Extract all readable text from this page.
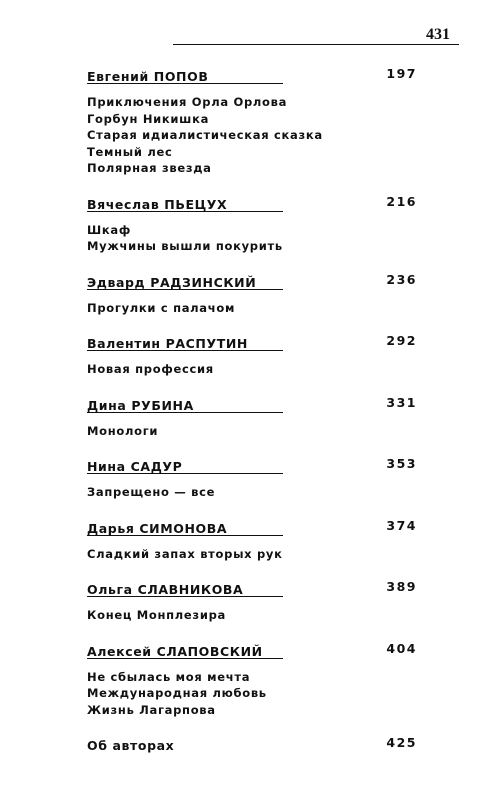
431
Евгений ПОПОВ	197
Приключения Орла Орлова
Горбун Никишка
Старая идиалистическая сказка
Темный лес
Полярная звезда
Вячеслав ПЬЕЦУХ	216
Шкаф
Мужчины вышли покурить
Эдвард РАДЗИНСКИЙ	236
Прогулки с палачом
Валентин РАСПУТИН	292
Новая профессия
Дина РУБИНА	331
Монологи
Нина САДУР	353
Запрещено — все
Дарья СИМОНОВА	374
Сладкий запах вторых рук
Ольга СЛАВНИКОВА	389
Конец Монплезира
Алексей СЛАПОВСКИЙ	404
Не сбылась моя мечта
Международная любовь
Жизнь Лагарпова
Об авторах	425
